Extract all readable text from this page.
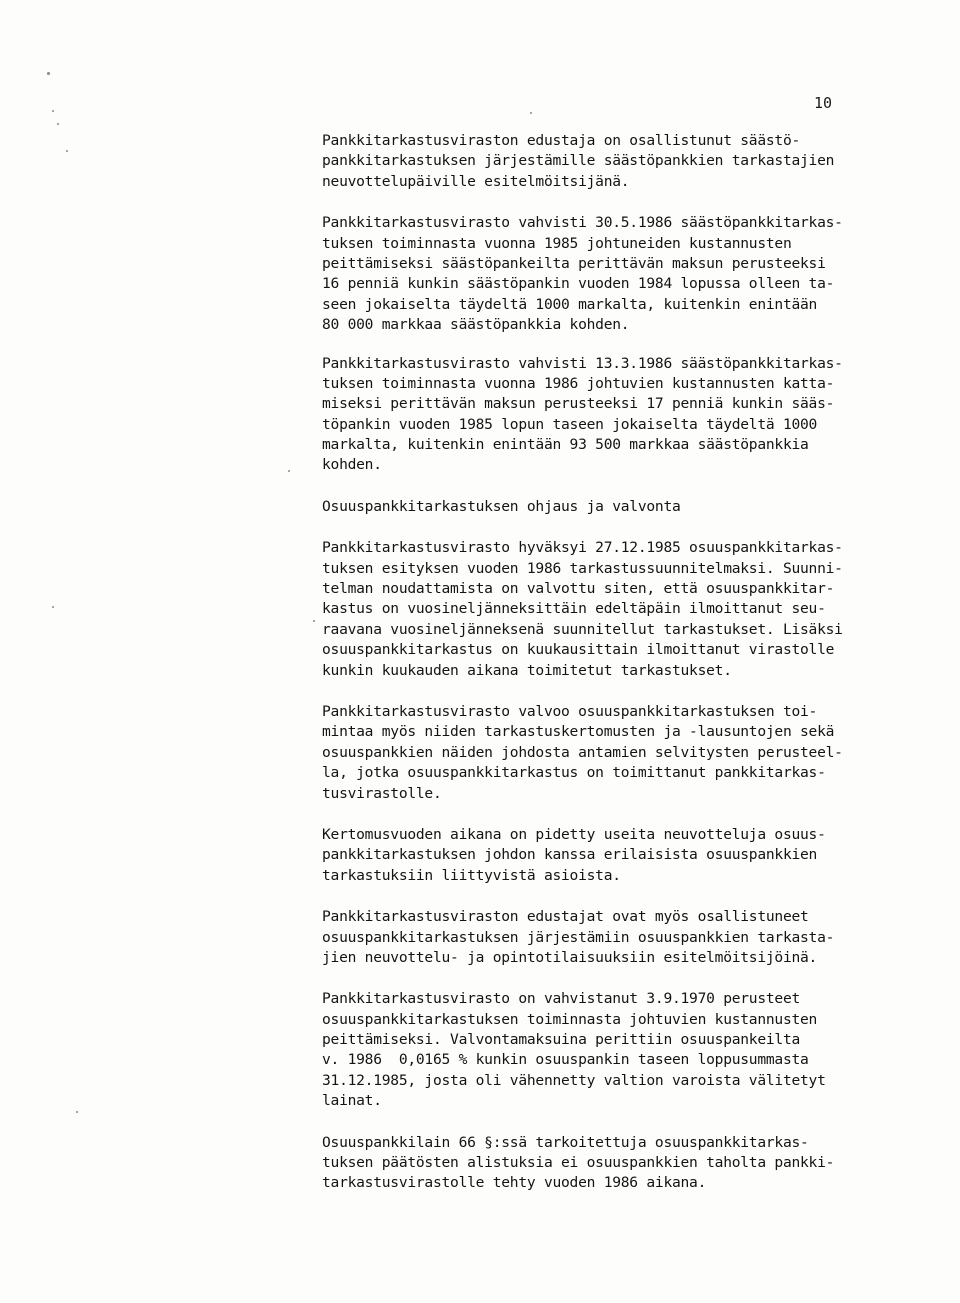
10
Pankkitarkastusviraston edustaja on osallistunut säästö-
pankkitarkastuksen järjestämille säästöpankkien tarkastajien
neuvottelupäiville esitelmöitsijänä.
Pankkitarkastusvirasto vahvisti 30.5.1986 säästöpankkitarkas-
tuksen toiminnasta vuonna 1985 johtuneiden kustannusten
peittämiseksi säästöpankeilta perittävän maksun perusteeksi
16 penniä kunkin säästöpankin vuoden 1984 lopussa olleen ta-
seen jokaiselta täydeltä 1000 markalta, kuitenkin enintään
80 000 markkaa säästöpankkia kohden.
Pankkitarkastusvirasto vahvisti 13.3.1986 säästöpankkitarkas-
tuksen toiminnasta vuonna 1986 johtuvien kustannusten katta-
miseksi perittävän maksun perusteeksi 17 penniä kunkin sääs-
töpankin vuoden 1985 lopun taseen jokaiselta täydeltä 1000
markalta, kuitenkin enintään 93 500 markkaa säästöpankkia
kohden.
Osuuspankkitarkastuksen ohjaus ja valvonta
Pankkitarkastusvirasto hyväksyi 27.12.1985 osuuspankkitarkas-
tuksen esityksen vuoden 1986 tarkastussuunnitelmaksi. Suunni-
telman noudattamista on valvottu siten, että osuuspankkitar-
kastus on vuosineljänneksittäin edeltäpäin ilmoittanut seu-
raavana vuosineljänneksenä suunnitellut tarkastukset. Lisäksi
osuuspankkitarkastus on kuukausittain ilmoittanut virastolle
kunkin kuukauden aikana toimitetut tarkastukset.
Pankkitarkastusvirasto valvoo osuuspankkitarkastuksen toi-
mintaa myös niiden tarkastuskertomusten ja -lausuntojen sekä
osuuspankkien näiden johdosta antamien selvitysten perusteel-
la, jotka osuuspankkitarkastus on toimittanut pankkitarkas-
tusvirastolle.
Kertomusvuoden aikana on pidetty useita neuvotteluja osuus-
pankkitarkastuksen johdon kanssa erilaisista osuuspankkien
tarkastuksiin liittyvistä asioista.
Pankkitarkastusviraston edustajat ovat myös osallistuneet
osuuspankkitarkastuksen järjestämiin osuuspankkien tarkasta-
jien neuvottelu- ja opintotilaisuuksiin esitelmöitsijöinä.
Pankkitarkastusvirasto on vahvistanut 3.9.1970 perusteet
osuuspankkitarkastuksen toiminnasta johtuvien kustannusten
peittämiseksi. Valvontamaksuina perittiin osuuspankeilta
v. 1986  0,0165 % kunkin osuuspankin taseen loppusummasta
31.12.1985, josta oli vähennetty valtion varoista välitetyt
lainat.
Osuuspankkilain 66 §:ssä tarkoitettuja osuuspankkitarkas-
tuksen päätösten alistuksia ei osuuspankkien taholta pankki-
tarkastusvirastolle tehty vuoden 1986 aikana.
